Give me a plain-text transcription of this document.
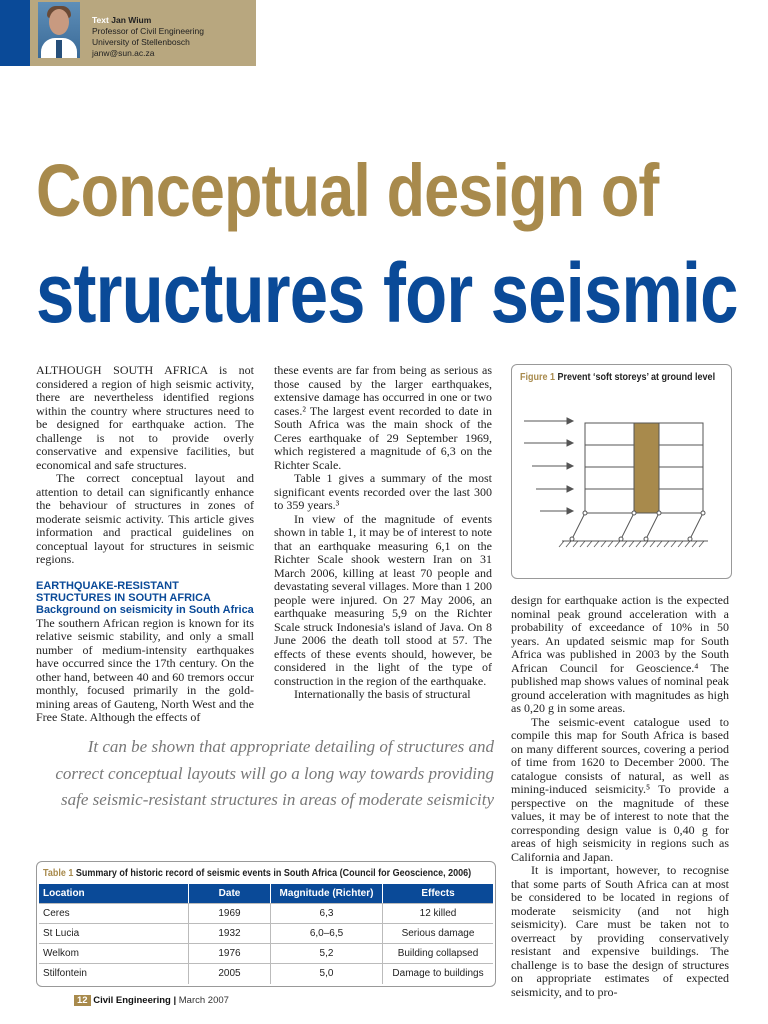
Text Jan Wium
Professor of Civil Engineering
University of Stellenbosch
janw@sun.ac.za
Conceptual design of
structures for seismic

ALTHOUGH SOUTH AFRICA is not considered a region of high seismic activity, there are nevertheless identified regions within the country where structures need to be designed for earthquake action. The challenge is not to provide overly conservative and expensive facilities, but economical and safe structures.

The correct conceptual layout and attention to detail can significantly enhance the behaviour of structures in zones of moderate seismic activity. This article gives information and practical guidelines on conceptual layout for structures in seismic regions.

EARTHQUAKE-RESISTANT STRUCTURES IN SOUTH AFRICA
Background on seismicity in South Africa

The southern African region is known for its relative seismic stability, and only a small number of medium-intensity earthquakes have occurred since the 17th century. On the other hand, between 40 and 60 tremors occur monthly, focused primarily in the gold-mining areas of Gauteng, North West and the Free State. Although the effects of

these events are far from being as serious as those caused by the larger earthquakes, extensive damage has occurred in one or two cases.² The largest event recorded to date in South Africa was the main shock of the Ceres earthquake of 29 September 1969, which registered a magnitude of 6,3 on the Richter Scale.

Table 1 gives a summary of the most significant events recorded over the last 300 to 359 years.³

In view of the magnitude of events shown in table 1, it may be of interest to note that an earthquake measuring 6,1 on the Richter Scale shook western Iran on 31 March 2006, killing at least 70 people and devastating several villages. More than 1 200 people were injured. On 27 May 2006, an earthquake measuring 5,9 on the Richter Scale struck Indonesia's island of Java. On 8 June 2006 the death toll stood at 57. The effects of these events should, however, be considered in the light of the type of construction in the region of the earthquake.

Internationally the basis of structural

Figure 1 Prevent ‘soft storeys’ at ground level

design for earthquake action is the expected nominal peak ground acceleration with a probability of exceedance of 10% in 50 years. An updated seismic map for South Africa was published in 2003 by the South African Council for Geoscience.⁴ The published map shows values of nominal peak ground acceleration with magnitudes as high as 0,20 g in some areas.

The seismic-event catalogue used to compile this map for South Africa is based on many different sources, covering a period of time from 1620 to December 2000. The catalogue consists of natural, as well as mining-induced seismicity.⁵ To provide a perspective on the magnitude of these values, it may be of interest to note that the corresponding design value is 0,40 g for areas of high seismicity in regions such as California and Japan.

It is important, however, to recognise that some parts of South Africa can at most be considered to be located in regions of moderate seismicity (and not high seismicity). Care must be taken not to overreact by providing conservatively resistant and expensive buildings. The challenge is to base the design of structures on appropriate estimates of expected seismicity, and to pro-

It can be shown that appropriate detailing of structures and correct conceptual layouts will go a long way towards providing safe seismic-resistant structures in areas of moderate seismicity
Table 1 Summary of historic record of seismic events in South Africa (Council for Geoscience, 2006)
Location	Date	Magnitude (Richter)	Effects
Ceres	1969	6,3	12 killed
St Lucia	1932	6,0–6,5	Serious damage
Welkom	1976	5,2	Building collapsed
Stilfontein	2005	5,0	Damage to buildings
12 Civil Engineering | March 2007
